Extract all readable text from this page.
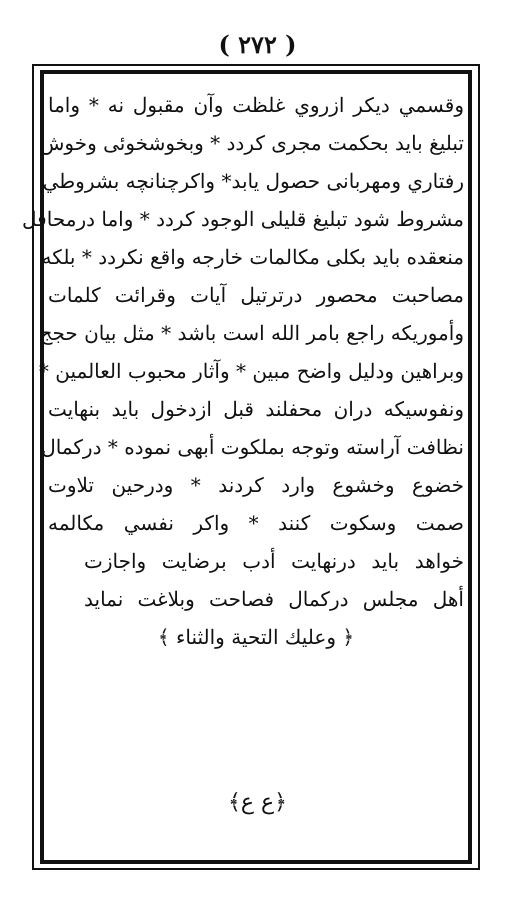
( ٢٧٢ )
وقسمي ديكر ازروي غلظت وآن مقبول نه * واما
تبليغ بايد بحكمت مجرى كردد * وبخوشخوئى وخوش
رفتاري ومهربانى حصول يابد* واكرچنانچه بشروطي
مشروط شود تبليغ قليلى الوجود كردد * واما درمحافل
منعقده بايد بكلى مكالمات خارجه واقع نكردد * بلكه
مصاحبت محصور درترتيل آيات وقرائت كلمات
وأموريكه راجع بامر الله است باشد * مثل بيان حجج
وبراهين ودليل واضح مبين * وآثار محبوب العالمين *
ونفوسيكه دران محفلند قبل ازدخول بايد بنهايت
نظافت آراسته وتوجه بملكوت أبهى نموده * دركمال
خضوع وخشوع وارد كردند * ودرحين تلاوت
صمت وسكوت كنند * واكر نفسي مكالمه
خواهد بايد درنهايت أدب برضايت واجازت
أهل مجلس دركمال فصاحت وبلاغت نمايد
﴿ وعليك التحية والثناء ﴾
﴿ع ع﴾
